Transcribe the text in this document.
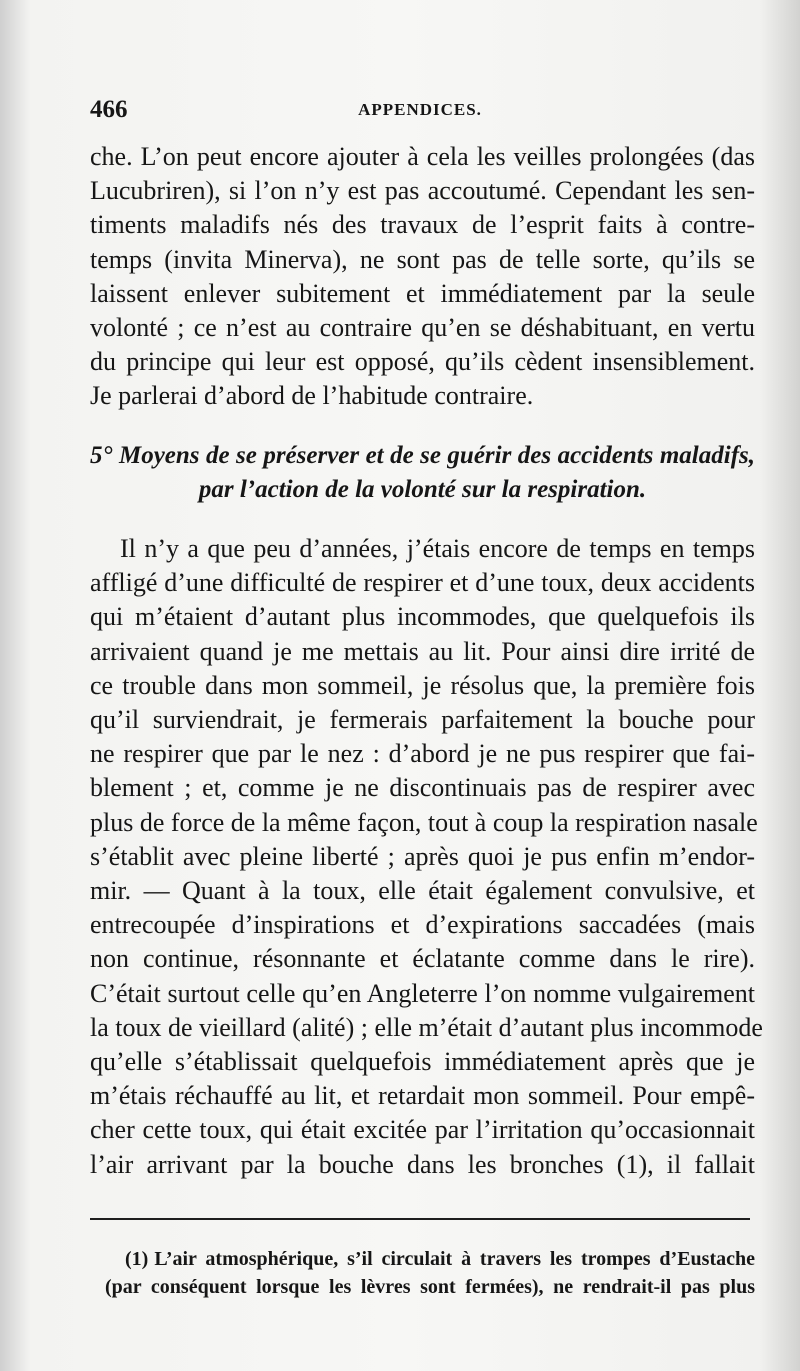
466	APPENDICES.

che. L’on peut encore ajouter à cela les veilles prolongées (das

Lucubriren), si l’on n’y est pas accoutumé. Cependant les sen-

timents maladifs nés des travaux de l’esprit faits à contre-

temps (invita Minerva), ne sont pas de telle sorte, qu’ils se

laissent enlever subitement et immédiatement par la seule

volonté ; ce n’est au contraire qu’en se déshabituant, en vertu

du principe qui leur est opposé, qu’ils cèdent insensiblement.

Je parlerai d’abord de l’habitude contraire.

5° Moyens de se préserver et de se guérir des accidents maladifs,

par l’action de la volonté sur la respiration.

Il n’y a que peu d’années, j’étais encore de temps en temps

affligé d’une difficulté de respirer et d’une toux, deux accidents

qui m’étaient d’autant plus incommodes, que quelquefois ils

arrivaient quand je me mettais au lit. Pour ainsi dire irrité de

ce trouble dans mon sommeil, je résolus que, la première fois

qu’il surviendrait, je fermerais parfaitement la bouche pour

ne respirer que par le nez : d’abord je ne pus respirer que fai-

blement ; et, comme je ne discontinuais pas de respirer avec

plus de force de la même façon, tout à coup la respiration nasale

s’établit avec pleine liberté ; après quoi je pus enfin m’endor-

mir. — Quant à la toux, elle était également convulsive, et

entrecoupée d’inspirations et d’expirations saccadées (mais

non continue, résonnante et éclatante comme dans le rire).

C’était surtout celle qu’en Angleterre l’on nomme vulgairement

la toux de vieillard (alité) ; elle m’était d’autant plus incommode

qu’elle s’établissait quelquefois immédiatement après que je

m’étais réchauffé au lit, et retardait mon sommeil. Pour empê-

cher cette toux, qui était excitée par l’irritation qu’occasionnait

l’air arrivant par la bouche dans les bronches (1), il fallait

(1) L’air atmosphérique, s’il circulait à travers les trompes d’Eustache

(par conséquent lorsque les lèvres sont fermées), ne rendrait-il pas plus
